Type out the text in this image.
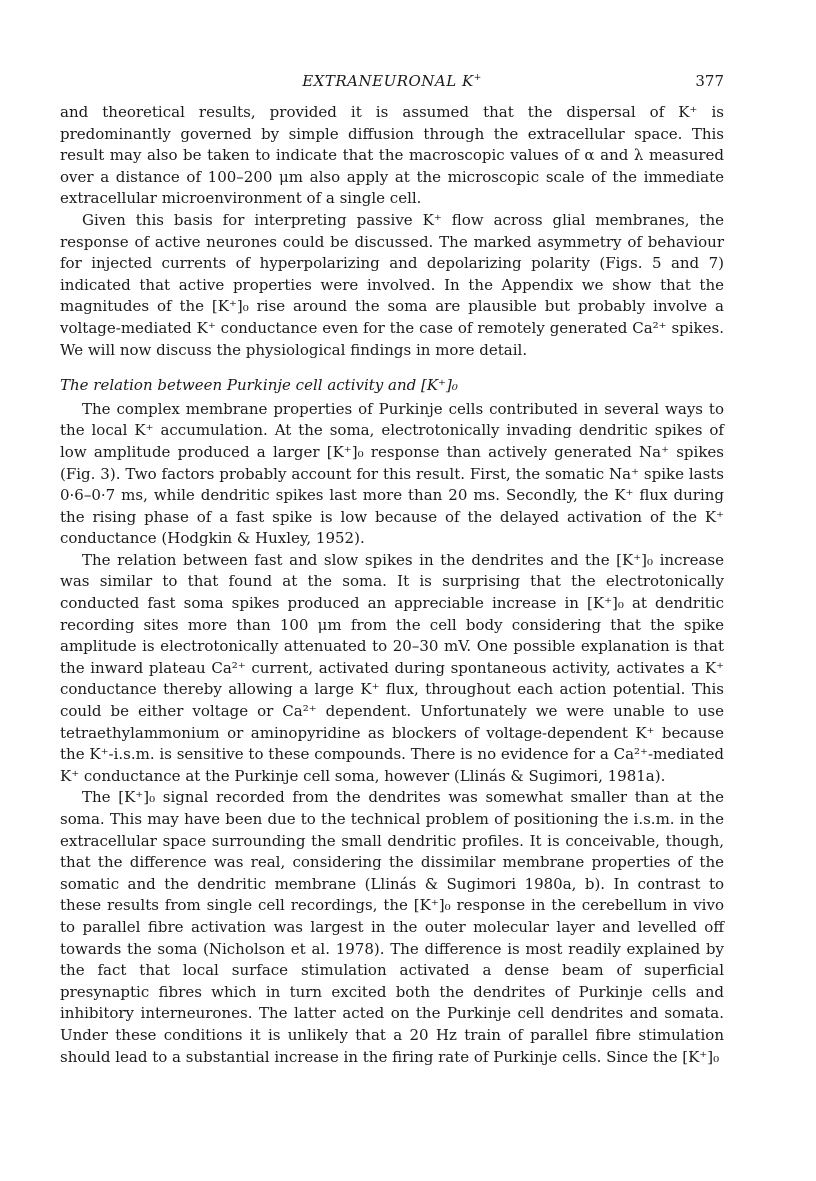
EXTRANEURONAL K+	377

and theoretical results, provided it is assumed that the dispersal of K⁺ is predominantly governed by simple diffusion through the extracellular space. This result may also be taken to indicate that the macroscopic values of α and λ measured over a distance of 100–200 μm also apply at the microscopic scale of the immediate extracellular microenvironment of a single cell.

Given this basis for interpreting passive K⁺ flow across glial membranes, the response of active neurones could be discussed. The marked asymmetry of behaviour for injected currents of hyperpolarizing and depolarizing polarity (Figs. 5 and 7) indicated that active properties were involved. In the Appendix we show that the magnitudes of the [K⁺]₀ rise around the soma are plausible but probably involve a voltage-mediated K⁺ conductance even for the case of remotely generated Ca²⁺ spikes. We will now discuss the physiological findings in more detail.

The relation between Purkinje cell activity and [K⁺]₀

The complex membrane properties of Purkinje cells contributed in several ways to the local K⁺ accumulation. At the soma, electrotonically invading dendritic spikes of low amplitude produced a larger [K⁺]₀ response than actively generated Na⁺ spikes (Fig. 3). Two factors probably account for this result. First, the somatic Na⁺ spike lasts 0·6–0·7 ms, while dendritic spikes last more than 20 ms. Secondly, the K⁺ flux during the rising phase of a fast spike is low because of the delayed activation of the K⁺ conductance (Hodgkin & Huxley, 1952).

The relation between fast and slow spikes in the dendrites and the [K⁺]₀ increase was similar to that found at the soma. It is surprising that the electrotonically conducted fast soma spikes produced an appreciable increase in [K⁺]₀ at dendritic recording sites more than 100 μm from the cell body considering that the spike amplitude is electrotonically attenuated to 20–30 mV. One possible explanation is that the inward plateau Ca²⁺ current, activated during spontaneous activity, activates a K⁺ conductance thereby allowing a large K⁺ flux, throughout each action potential. This could be either voltage or Ca²⁺ dependent. Unfortunately we were unable to use tetraethylammonium or aminopyridine as blockers of voltage-dependent K⁺ because the K⁺-i.s.m. is sensitive to these compounds. There is no evidence for a Ca²⁺-mediated K⁺ conductance at the Purkinje cell soma, however (Llinás & Sugimori, 1981a).

The [K⁺]₀ signal recorded from the dendrites was somewhat smaller than at the soma. This may have been due to the technical problem of positioning the i.s.m. in the extracellular space surrounding the small dendritic profiles. It is conceivable, though, that the difference was real, considering the dissimilar membrane properties of the somatic and the dendritic membrane (Llinás & Sugimori 1980a, b). In contrast to these results from single cell recordings, the [K⁺]₀ response in the cerebellum in vivo to parallel fibre activation was largest in the outer molecular layer and levelled off towards the soma (Nicholson et al. 1978). The difference is most readily explained by the fact that local surface stimulation activated a dense beam of superficial presynaptic fibres which in turn excited both the dendrites of Purkinje cells and inhibitory interneurones. The latter acted on the Purkinje cell dendrites and somata. Under these conditions it is unlikely that a 20 Hz train of parallel fibre stimulation should lead to a substantial increase in the firing rate of Purkinje cells. Since the [K⁺]₀
